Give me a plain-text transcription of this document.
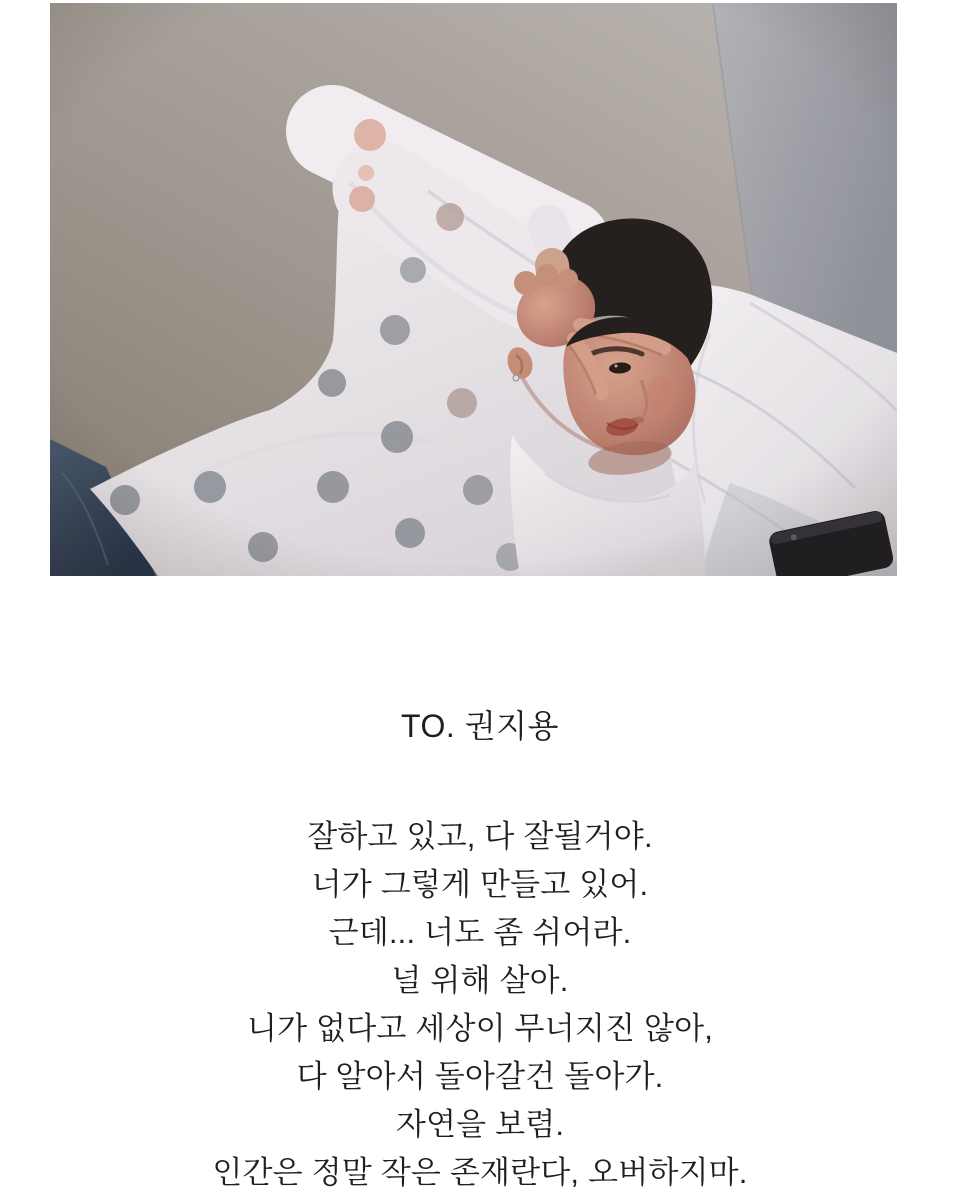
TO. 권지용
잘하고 있고, 다 잘될거야.
너가 그렇게 만들고 있어.
근데... 너도 좀 쉬어라.
널 위해 살아.
니가 없다고 세상이 무너지진 않아,
다 알아서 돌아갈건 돌아가.
자연을 보렴.
인간은 정말 작은 존재란다, 오버하지마.
